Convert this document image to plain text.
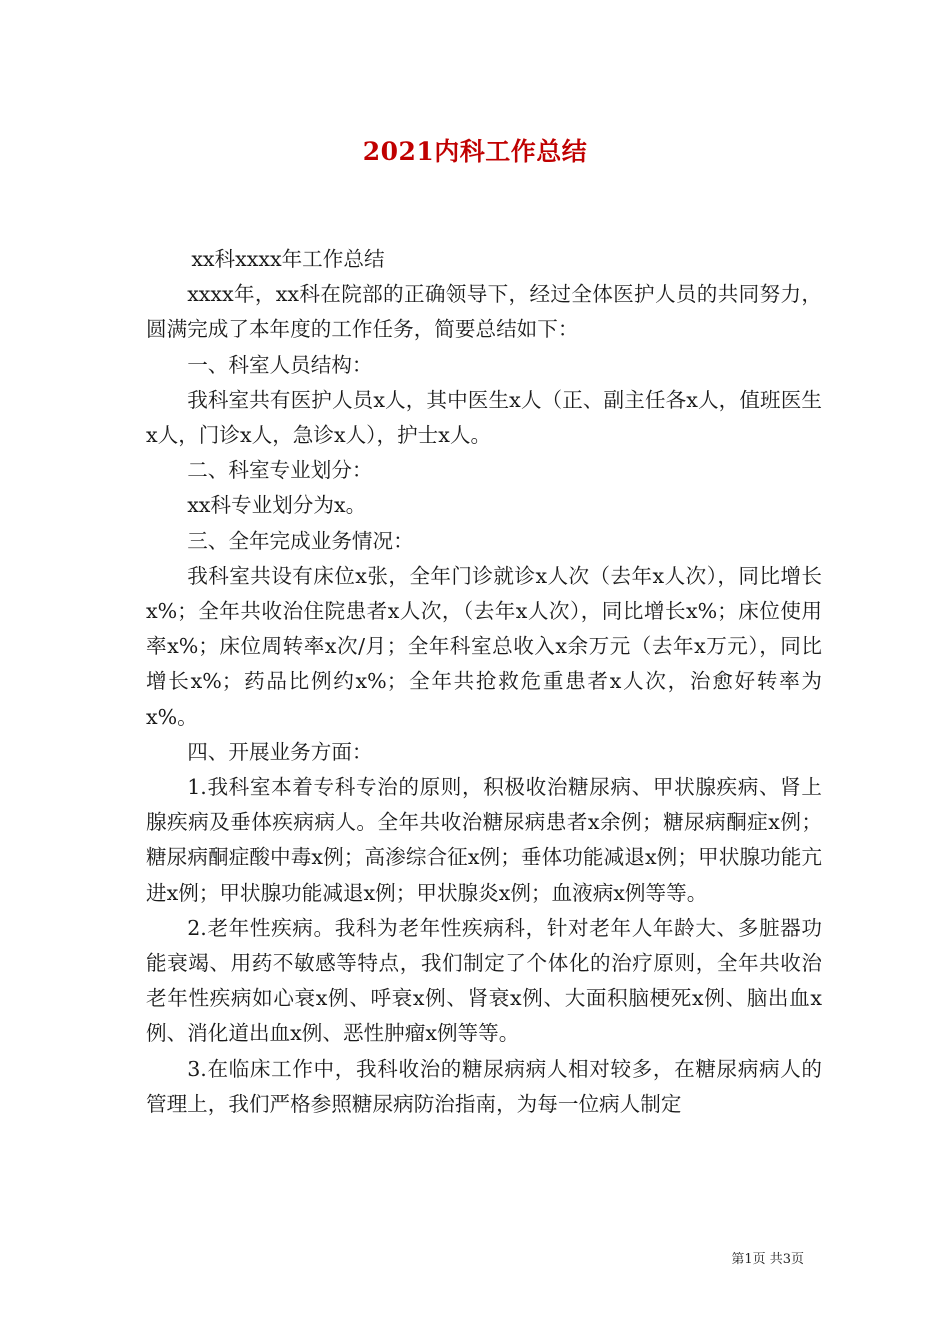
2021内科工作总结

xx科xxxx年工作总结

xxxx年，xx科在院部的正确领导下，经过全体医护人员的共同努力，圆满完成了本年度的工作任务，简要总结如下：

一、科室人员结构：

我科室共有医护人员x人，其中医生x人（正、副主任各x人，值班医生x人，门诊x人，急诊x人），护士x人。

二、科室专业划分：

xx科专业划分为x。

三、全年完成业务情况：

我科室共设有床位x张，全年门诊就诊x人次（去年x人次），同比增长x%；全年共收治住院患者x人次，（去年x人次），同比增长x%；床位使用率x%；床位周转率x次/月；全年科室总收入x余万元（去年x万元），同比增长x%；药品比例约x%；全年共抢救危重患者x人次，治愈好转率为x%。

四、开展业务方面：

1.我科室本着专科专治的原则，积极收治糖尿病、甲状腺疾病、肾上腺疾病及垂体疾病病人。全年共收治糖尿病患者x余例；糖尿病酮症x例；糖尿病酮症酸中毒x例；高渗综合征x例；垂体功能减退x例；甲状腺功能亢进x例；甲状腺功能减退x例；甲状腺炎x例；血液病x例等等。

2.老年性疾病。我科为老年性疾病科，针对老年人年龄大、多脏器功能衰竭、用药不敏感等特点，我们制定了个体化的治疗原则，全年共收治老年性疾病如心衰x例、呼衰x例、肾衰x例、大面积脑梗死x例、脑出血x例、消化道出血x例、恶性肿瘤x例等等。

3.在临床工作中，我科收治的糖尿病病人相对较多，在糖尿病病人的管理上，我们严格参照糖尿病防治指南，为每一位病人制定

第1页 共3页
